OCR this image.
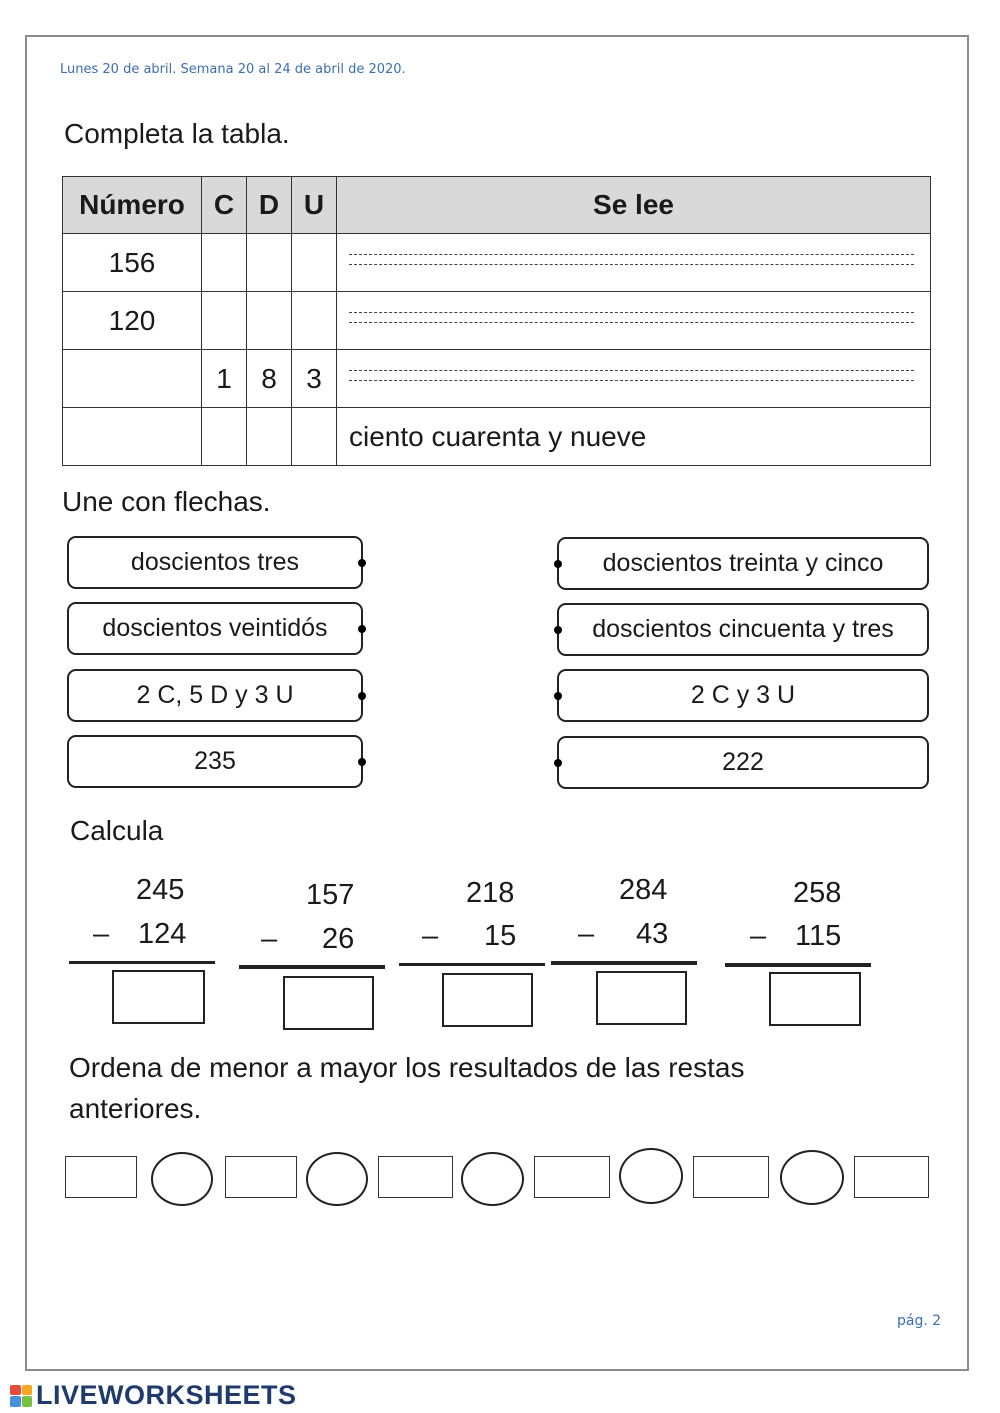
Lunes 20 de abril. Semana 20 al 24 de abril de 2020.
Completa la tabla.
Número	C	D	U	Se lee
156				

120				

	1	8	3	

				ciento cuarenta y nueve
Une con flechas.
doscientos tres
doscientos veintidós
2 C, 5 D y 3 U
235
doscientos treinta y cinco
doscientos cincuenta y tres
2 C y 3 U
222
Calcula
245
– 124
157
– 26
218
– 15
284
– 43
258
– 115
Ordena de menor a mayor los resultados de las restas
anteriores.
pág. 2
LIVEWORKSHEETS
